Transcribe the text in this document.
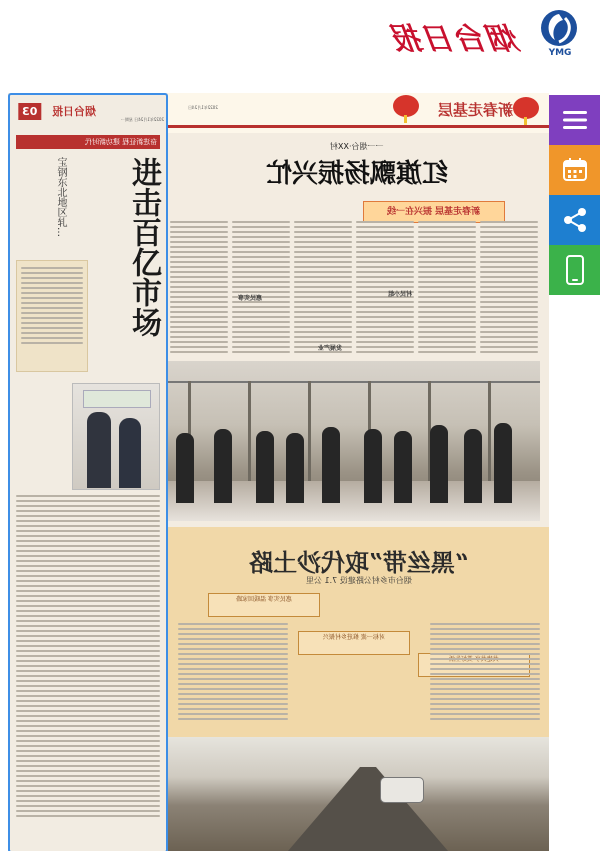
烟台日报	YMG
03	烟台日报
2022年1月24日 星期一
奋进新征程 建功新时代
进击百亿市场
宝钢东北地区轧…
2022年1月24日	新春走基层
一一烟台·XX村
红旗飘扬振兴忙
新春走基层 振兴在一线
惠民实事
村民小组
发展产业
“黑丝带”取代沙土路
烟台市乡村公路建设 7.1 公里
惠民实事 温暖回家路
对标一流 推进乡村振兴
